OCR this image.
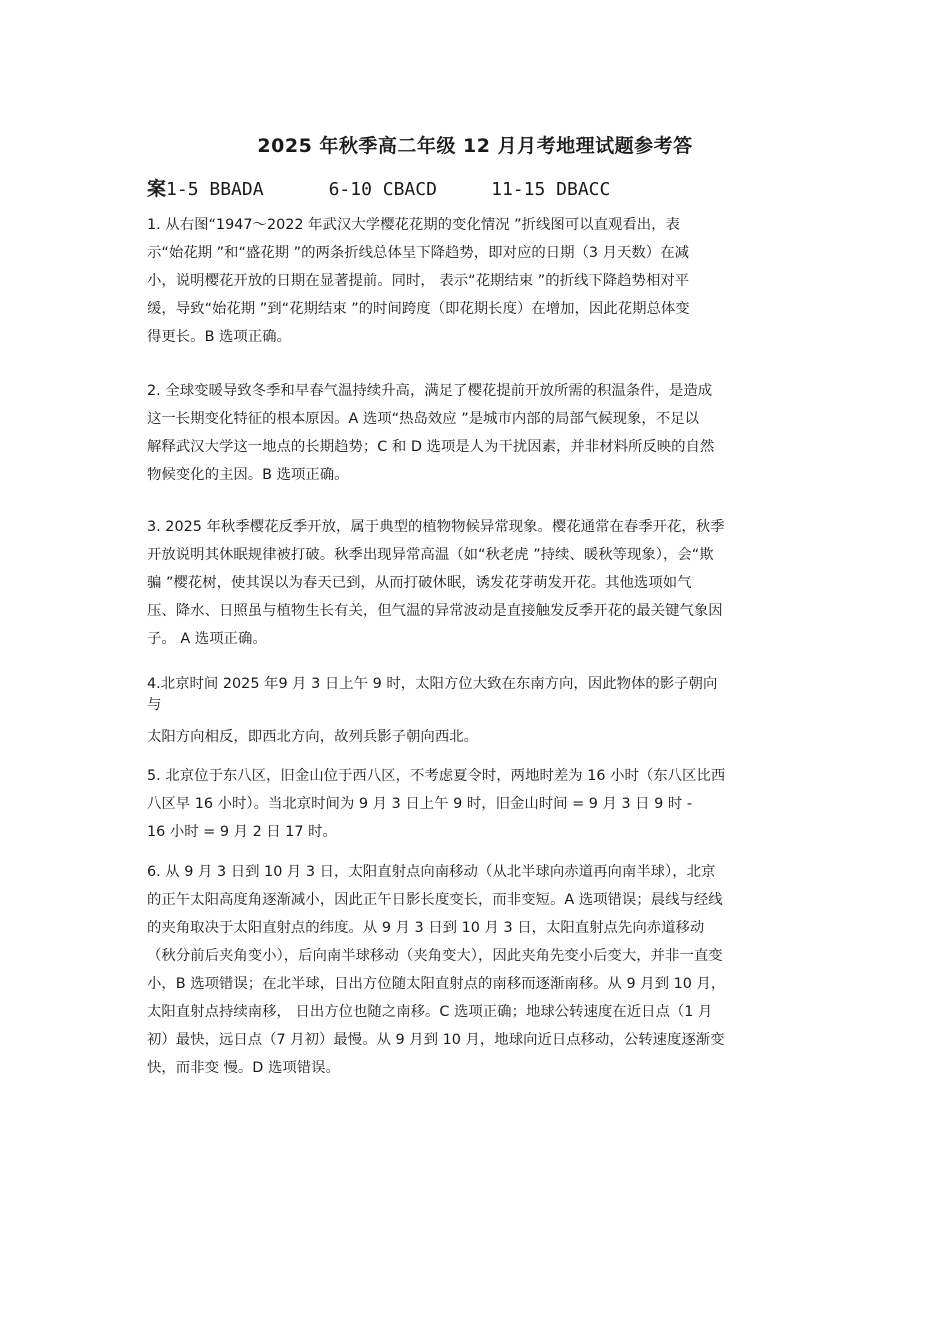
2025 年秋季高二年级 12 月月考地理试题参考答
案1-5 BBADA      6-10 CBACD     11-15 DBACC

1. 从右图“1947～2022 年武汉大学樱花花期的变化情况 ”折线图可以直观看出，表
示“始花期 ”和“盛花期 ”的两条折线总体呈下降趋势，即对应的日期（3 月天数）在减
小，说明樱花开放的日期在显著提前。同时， 表示“花期结束 ”的折线下降趋势相对平
缓，导致“始花期 ”到“花期结束 ”的时间跨度（即花期长度）在增加，因此花期总体变
得更长。B 选项正确。

2. 全球变暖导致冬季和早春气温持续升高，满足了樱花提前开放所需的积温条件，是造成
这一长期变化特征的根本原因。A 选项“热岛效应 ”是城市内部的局部气候现象，不足以
解释武汉大学这一地点的长期趋势；C 和 D 选项是人为干扰因素，并非材料所反映的自然
物候变化的主因。B 选项正确。

3. 2025 年秋季樱花反季开放，属于典型的植物物候异常现象。樱花通常在春季开花，秋季
开放说明其休眠规律被打破。秋季出现异常高温（如“秋老虎 ”持续、暖秋等现象），会“欺
骗 ”樱花树，使其误以为春天已到，从而打破休眠，诱发花芽萌发开花。其他选项如气
压、降水、日照虽与植物生长有关，但气温的异常波动是直接触发反季开花的最关键气象因
子。 A 选项正确。

4.北京时间 2025 年9 月 3 日上午 9 时，太阳方位大致在东南方向，因此物体的影子朝向
与

太阳方向相反，即西北方向，故列兵影子朝向西北。

5. 北京位于东八区，旧金山位于西八区，不考虑夏令时，两地时差为 16 小时（东八区比西
八区早 16 小时）。当北京时间为 9 月 3 日上午 9 时，旧金山时间 = 9 月 3 日 9 时 -
16 小时 = 9 月 2 日 17 时。

6. 从 9 月 3 日到 10 月 3 日，太阳直射点向南移动（从北半球向赤道再向南半球），北京
的正午太阳高度角逐渐减小，因此正午日影长度变长，而非变短。A 选项错误；晨线与经线
的夹角取决于太阳直射点的纬度。从 9 月 3 日到 10 月 3 日，太阳直射点先向赤道移动
（秋分前后夹角变小），后向南半球移动（夹角变大），因此夹角先变小后变大，并非一直变
小，B 选项错误；在北半球，日出方位随太阳直射点的南移而逐渐南移。从 9 月到 10 月，
太阳直射点持续南移， 日出方位也随之南移。C 选项正确；地球公转速度在近日点（1 月
初）最快，远日点（7 月初）最慢。从 9 月到 10 月，地球向近日点移动，公转速度逐渐变
快，而非变 慢。D 选项错误。
